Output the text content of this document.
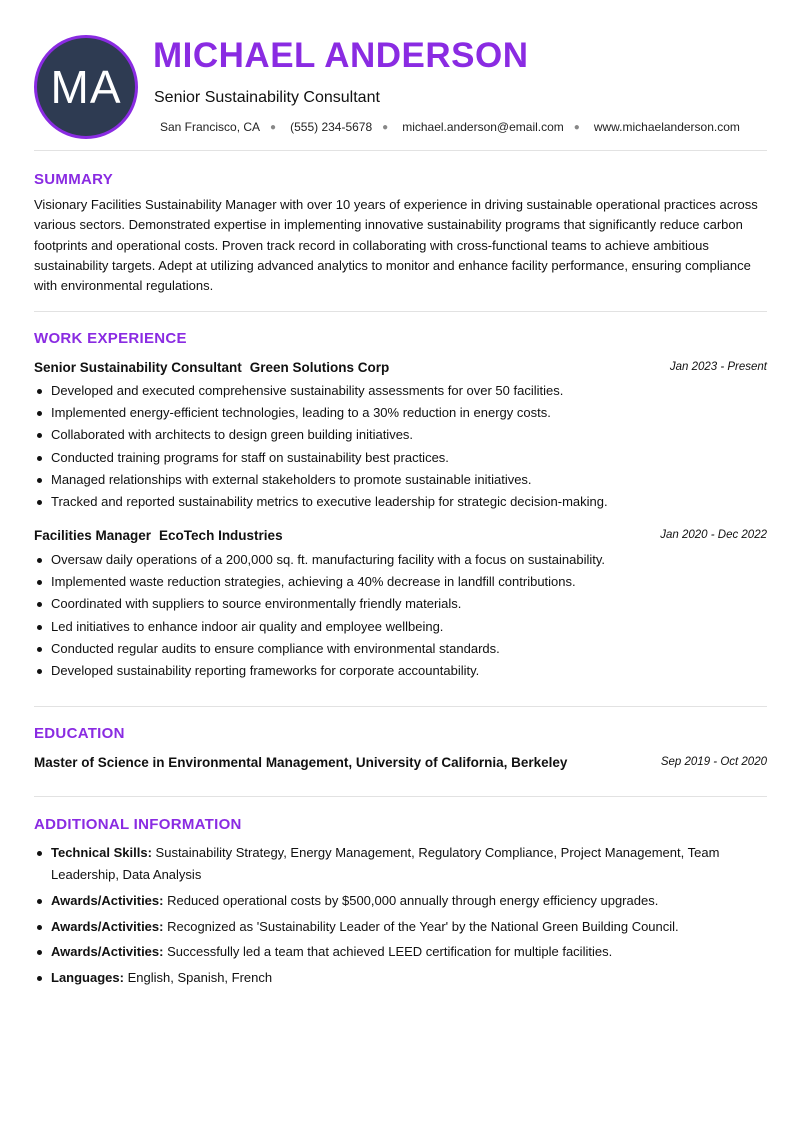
MA
MICHAEL ANDERSON
Senior Sustainability Consultant
San Francisco, CA ● (555) 234-5678 ● michael.anderson@email.com ● www.michaelanderson.com
SUMMARY

Visionary Facilities Sustainability Manager with over 10 years of experience in driving sustainable operational practices across various sectors. Demonstrated expertise in implementing innovative sustainability programs that significantly reduce carbon footprints and operational costs. Proven track record in collaborating with cross-functional teams to achieve ambitious sustainability targets. Adept at utilizing advanced analytics to monitor and enhance facility performance, ensuring compliance with environmental regulations.

WORK EXPERIENCE
Senior Sustainability Consultant Green Solutions Corp	Jan 2023 - Present
Developed and executed comprehensive sustainability assessments for over 50 facilities.
Implemented energy-efficient technologies, leading to a 30% reduction in energy costs.
Collaborated with architects to design green building initiatives.
Conducted training programs for staff on sustainability best practices.
Managed relationships with external stakeholders to promote sustainable initiatives.
Tracked and reported sustainability metrics to executive leadership for strategic decision-making.
Facilities Manager EcoTech Industries	Jan 2020 - Dec 2022
Oversaw daily operations of a 200,000 sq. ft. manufacturing facility with a focus on sustainability.
Implemented waste reduction strategies, achieving a 40% decrease in landfill contributions.
Coordinated with suppliers to source environmentally friendly materials.
Led initiatives to enhance indoor air quality and employee wellbeing.
Conducted regular audits to ensure compliance with environmental standards.
Developed sustainability reporting frameworks for corporate accountability.
EDUCATION
Master of Science in Environmental Management, University of California, Berkeley	Sep 2019 - Oct 2020
ADDITIONAL INFORMATION
Technical Skills: Sustainability Strategy, Energy Management, Regulatory Compliance, Project Management, Team Leadership, Data Analysis
Awards/Activities: Reduced operational costs by $500,000 annually through energy efficiency upgrades.
Awards/Activities: Recognized as 'Sustainability Leader of the Year' by the National Green Building Council.
Awards/Activities: Successfully led a team that achieved LEED certification for multiple facilities.
Languages: English, Spanish, French
